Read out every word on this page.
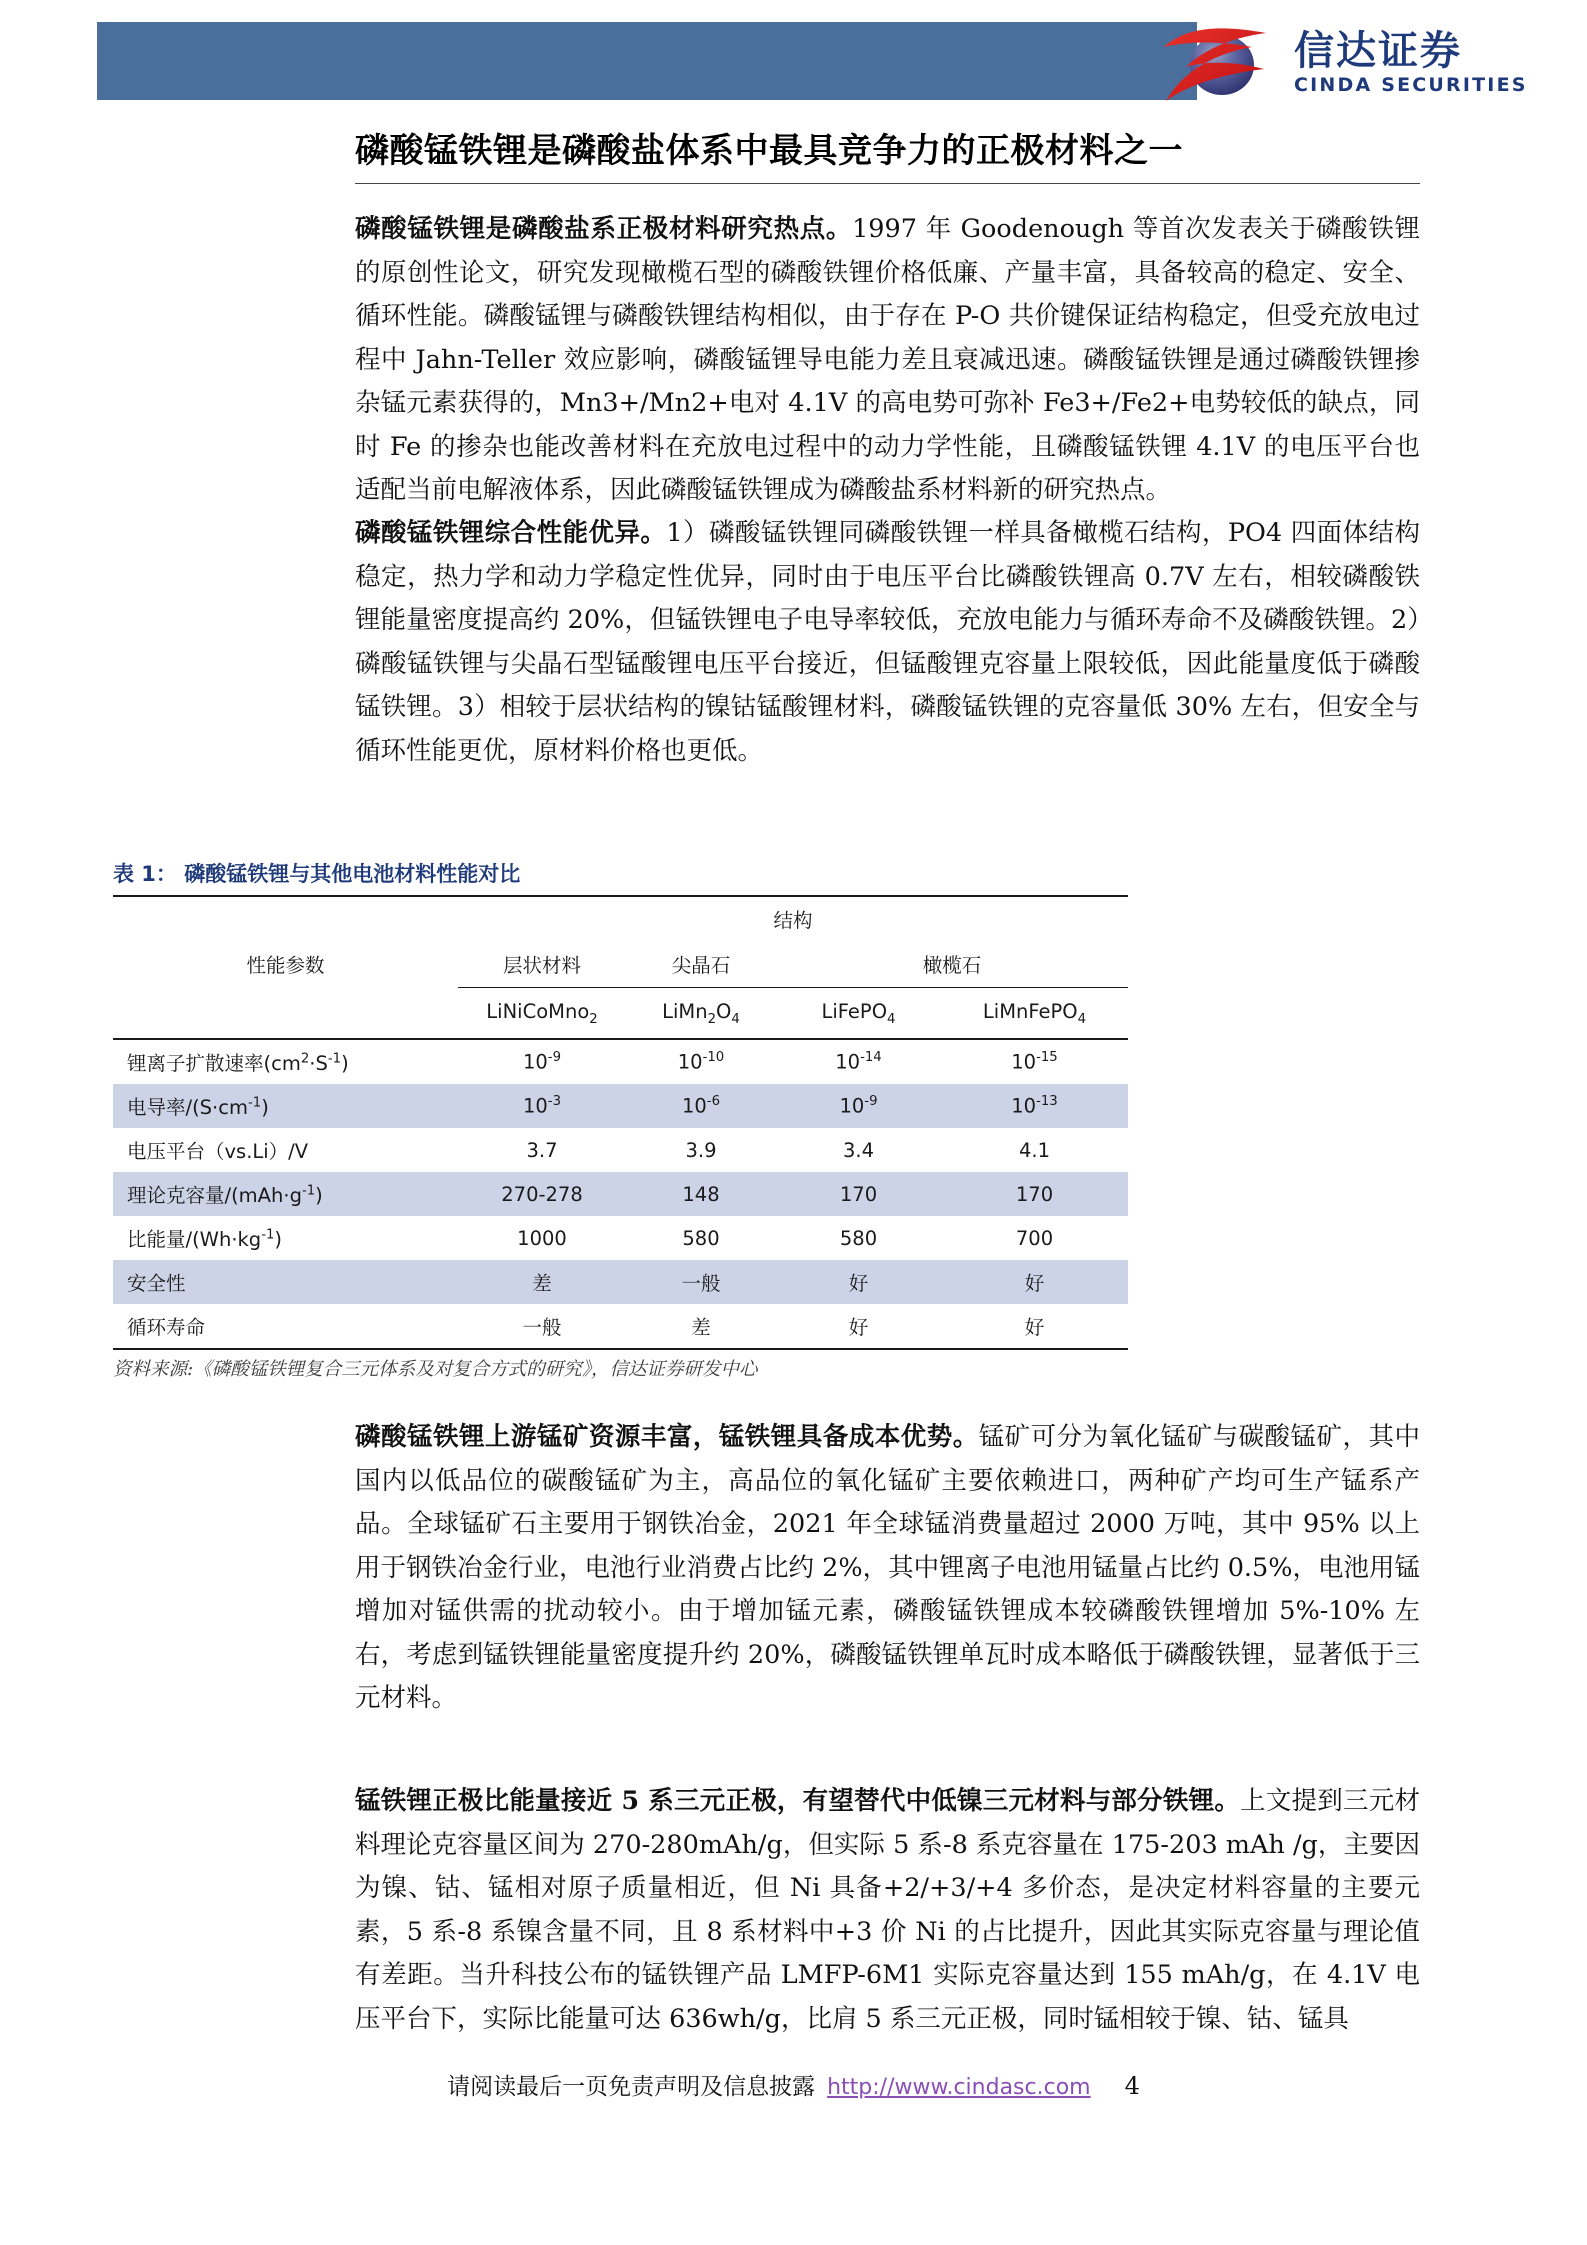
信达证券
CINDA SECURITIES
磷酸锰铁锂是磷酸盐体系中最具竞争力的正极材料之一
磷酸锰铁锂是磷酸盐系正极材料研究热点。1997 年 Goodenough 等首次发表关于磷酸铁锂的原创性论文，研究发现橄榄石型的磷酸铁锂价格低廉、产量丰富，具备较高的稳定、安全、循环性能。磷酸锰锂与磷酸铁锂结构相似，由于存在 P-O 共价键保证结构稳定，但受充放电过程中 Jahn-Teller 效应影响，磷酸锰锂导电能力差且衰减迅速。磷酸锰铁锂是通过磷酸铁锂掺杂锰元素获得的，Mn3+/Mn2+电对 4.1V 的高电势可弥补 Fe3+/Fe2+电势较低的缺点，同时 Fe 的掺杂也能改善材料在充放电过程中的动力学性能，且磷酸锰铁锂 4.1V 的电压平台也适配当前电解液体系，因此磷酸锰铁锂成为磷酸盐系材料新的研究热点。
磷酸锰铁锂综合性能优异。1）磷酸锰铁锂同磷酸铁锂一样具备橄榄石结构，PO4 四面体结构稳定，热力学和动力学稳定性优异，同时由于电压平台比磷酸铁锂高 0.7V 左右，相较磷酸铁锂能量密度提高约 20%，但锰铁锂电子电导率较低，充放电能力与循环寿命不及磷酸铁锂。2）磷酸锰铁锂与尖晶石型锰酸锂电压平台接近，但锰酸锂克容量上限较低，因此能量度低于磷酸锰铁锂。3）相较于层状结构的镍钴锰酸锂材料，磷酸锰铁锂的克容量低 30% 左右，但安全与循环性能更优，原材料价格也更低。
表 1： 磷酸锰铁锂与其他电池材料性能对比
	结构			
性能参数	层状材料	尖晶石	橄榄石	
	LiNiCoMno$_2$	$LiMn_2O_4$	LiFePO$_4$	LiMnFePO$_4$
锂离子扩散速率$(cm^2\cdot S^{-1})$	$10^{-9}$	$10^{-10}$	$10^{-14}$	$10^{-15}$
电导率$/(S\cdot cm^{-1})$	$10^{-3}$	$10^{-6}$	$10^{-9}$	$10^{-13}$
电压平台（vs.Li）/V	3.7	3.9	3.4	4.1
理论克容量$/(mAh\cdot g^{-1})$	270-278	148	170	170
比能量$/(Wh\cdot kg^{-1})$	1000	580	580	700
安全性	差	一般	好	好
循环寿命	一般	差	好	好

资料来源:《磷酸锰铁锂复合三元体系及对复合方式的研究》，信达证券研发中心
磷酸锰铁锂上游锰矿资源丰富，锰铁锂具备成本优势。锰矿可分为氧化锰矿与碳酸锰矿，其中国内以低品位的碳酸锰矿为主，高品位的氧化锰矿主要依赖进口，两种矿产均可生产锰系产品。全球锰矿石主要用于钢铁冶金，2021 年全球锰消费量超过 2000 万吨，其中 95% 以上用于钢铁冶金行业，电池行业消费占比约 2%，其中锂离子电池用锰量占比约 0.5%，电池用锰增加对锰供需的扰动较小。由于增加锰元素，磷酸锰铁锂成本较磷酸铁锂增加 5%-10% 左右，考虑到锰铁锂能量密度提升约 20%，磷酸锰铁锂单瓦时成本略低于磷酸铁锂，显著低于三元材料。
锰铁锂正极比能量接近 5 系三元正极，有望替代中低镍三元材料与部分铁锂。上文提到三元材料理论克容量区间为 270-280mAh/g，但实际 5 系-8 系克容量在 175-203 mAh /g，主要因为镍、钴、锰相对原子质量相近，但 Ni 具备+2/+3/+4 多价态，是决定材料容量的主要元素，5 系-8 系镍含量不同，且 8 系材料中+3 价 Ni 的占比提升，因此其实际克容量与理论值有差距。当升科技公布的锰铁锂产品 LMFP-6M1 实际克容量达到 155 mAh/g，在 4.1V 电压平台下，实际比能量可达 636wh/g，比肩 5 系三元正极，同时锰相较于镍、钴、锰具
请阅读最后一页免责声明及信息披露 http://www.cindasc.com 4
